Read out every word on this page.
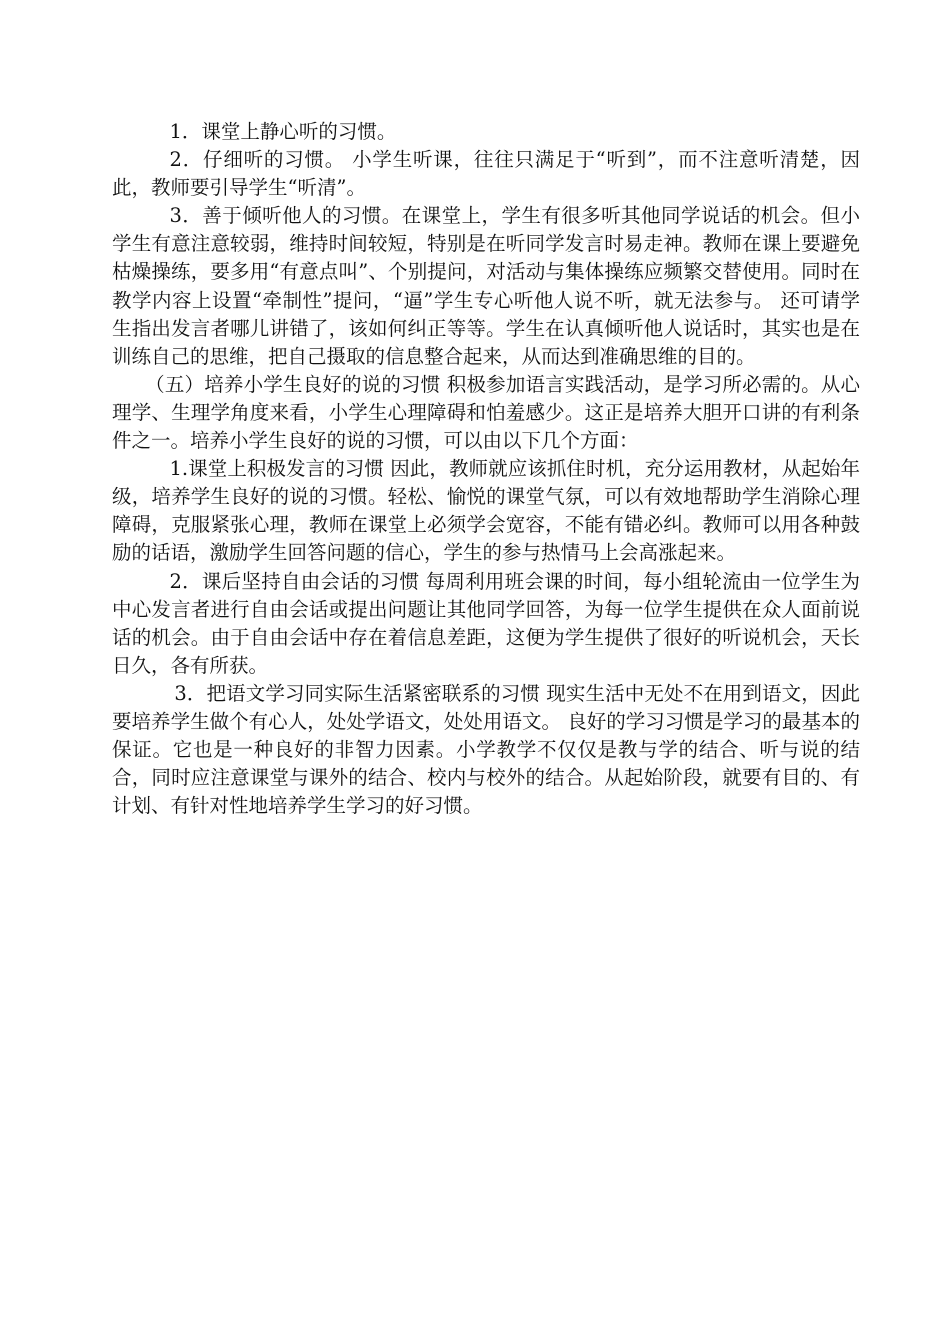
1．课堂上静心听的习惯。

2．仔细听的习惯。 小学生听课，往往只满足于“听到”，而不注意听清楚，因此，教师要引导学生“听清”。

3．善于倾听他人的习惯。在课堂上，学生有很多听其他同学说话的机会。但小学生有意注意较弱，维持时间较短，特别是在听同学发言时易走神。教师在课上要避免枯燥操练，要多用“有意点叫”、个别提问，对活动与集体操练应频繁交替使用。同时在教学内容上设置“牵制性”提问，“逼”学生专心听他人说不听，就无法参与。 还可请学生指出发言者哪儿讲错了，该如何纠正等等。学生在认真倾听他人说话时，其实也是在训练自己的思维，把自己摄取的信息整合起来，从而达到准确思维的目的。

（五）培养小学生良好的说的习惯 积极参加语言实践活动，是学习所必需的。从心理学、生理学角度来看，小学生心理障碍和怕羞感少。这正是培养大胆开口讲的有利条件之一。培养小学生良好的说的习惯，可以由以下几个方面：

1.课堂上积极发言的习惯 因此，教师就应该抓住时机，充分运用教材，从起始年级，培养学生良好的说的习惯。轻松、愉悦的课堂气氛，可以有效地帮助学生消除心理障碍，克服紧张心理，教师在课堂上必须学会宽容，不能有错必纠。教师可以用各种鼓励的话语，激励学生回答问题的信心，学生的参与热情马上会高涨起来。

2．课后坚持自由会话的习惯 每周利用班会课的时间，每小组轮流由一位学生为中心发言者进行自由会话或提出问题让其他同学回答，为每一位学生提供在众人面前说话的机会。由于自由会话中存在着信息差距，这便为学生提供了很好的听说机会，天长日久，各有所获。

3．把语文学习同实际生活紧密联系的习惯 现实生活中无处不在用到语文，因此要培养学生做个有心人，处处学语文，处处用语文。 良好的学习习惯是学习的最基本的保证。它也是一种良好的非智力因素。小学教学不仅仅是教与学的结合、听与说的结合，同时应注意课堂与课外的结合、校内与校外的结合。从起始阶段，就要有目的、有计划、有针对性地培养学生学习的好习惯。
